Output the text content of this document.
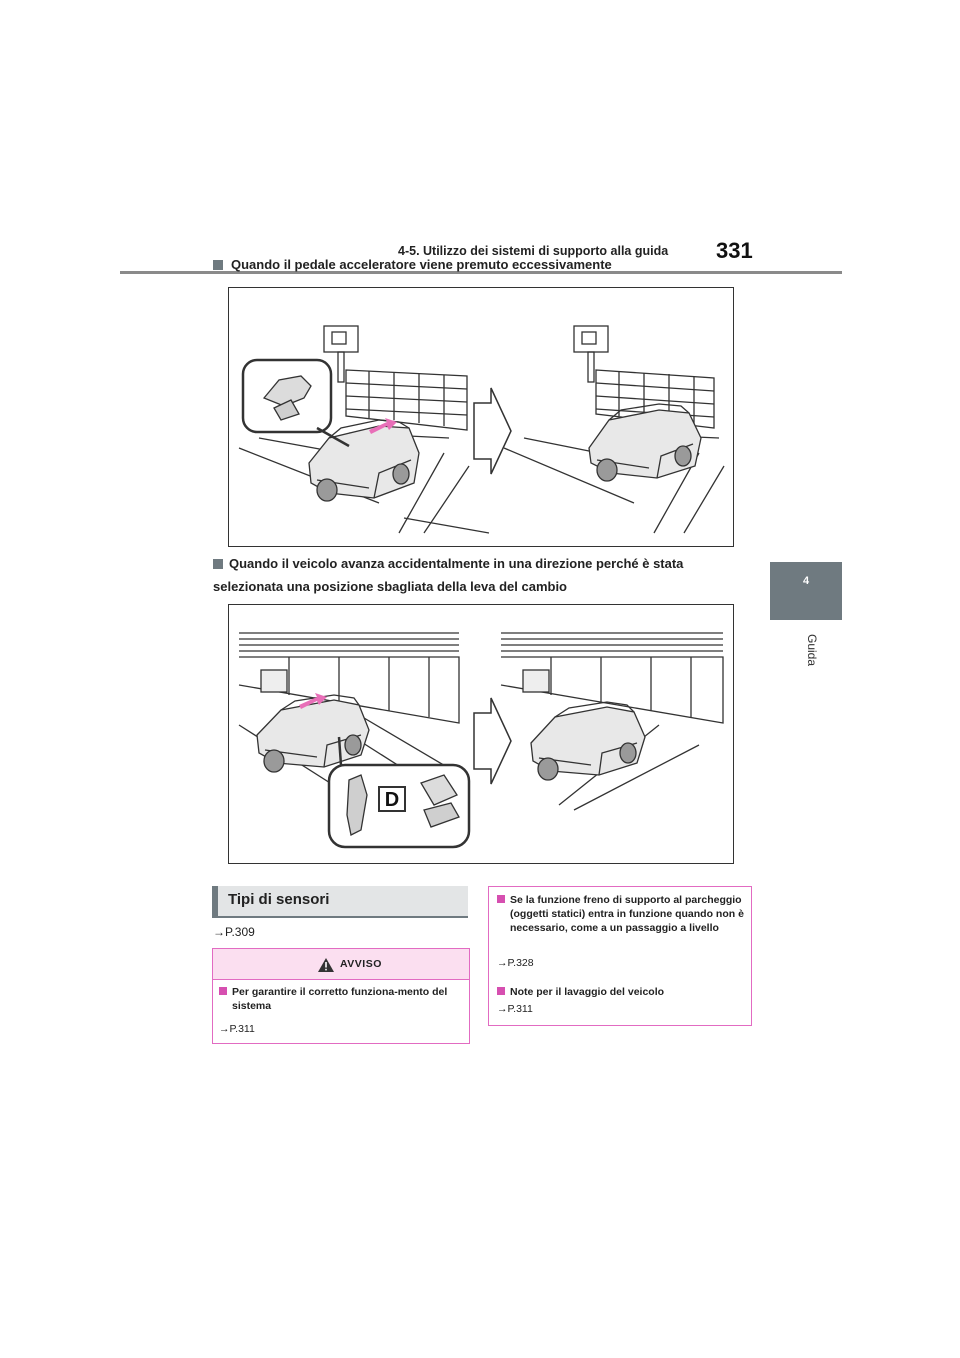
4-5. Utilizzo dei sistemi di supporto alla guida 331
4
Guida
Quando il pedale acceleratore viene premuto eccessivamente
Quando il veicolo avanza accidentalmente in una direzione perché è stata selezionata una posizione sbagliata della leva del cambio
D
Tipi di sensori
→P.309
AVVISO
Per garantire il corretto funziona-mento del sistema
→P.311
Se la funzione freno di supporto al parcheggio (oggetti statici) entra in funzione quando non è necessario, come a un passaggio a livello
→P.328
Note per il lavaggio del veicolo
→P.311
